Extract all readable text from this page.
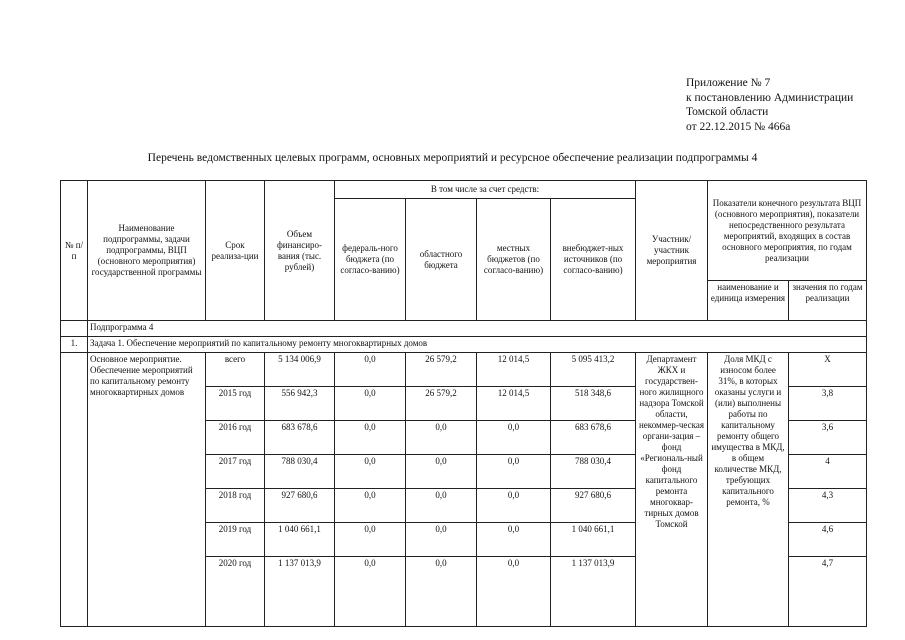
Приложение № 7
к постановлению Администрации
Томской области
от 22.12.2015 № 466а
Перечень ведомственных целевых программ, основных мероприятий и ресурсное обеспечение реализации подпрограммы 4
№ п/п	Наименование подпрограммы, задачи подпрограммы, ВЦП (основного мероприятия) государственной программы	Срок реализа-ции	Объем финансиро-вания (тыс. рублей)	В том числе за счет средств:				Участник/ участник мероприятия	Показатели конечного результата ВЦП (основного мероприятия), показатели непосредственного результата мероприятий, входящих в состав основного мероприятия, по годам реализации	
				федераль-ного бюджета (по согласо-ванию)	областного бюджета	местных бюджетов (по согласо-ванию)	внебюджет-ных источников (по согласо-ванию)			
									наименование и единица измерения	значения по годам реализации
	Подпрограмма 4									
1.	Задача 1. Обеспечение мероприятий по капитальному ремонту многоквартирных домов									
	Основное мероприятие. Обеспечение мероприятий по капитальному ремонту многоквартирных домов	всего	5 134 006,9	0,0	26 579,2	12 014,5	5 095 413,2	Департамент ЖКХ и государствен-ного жилищного надзора Томской области, некоммер-ческая органи-зация – фонд «Региональ-ный фонд капитального ремонта многоквар-тирных домов Томской	Доля МКД с износом более 31%, в которых оказаны услуги и (или) выполнены работы по капитальному ремонту общего имущества в МКД, в общем количестве МКД, требующих капитального ремонта, %	Х
		2015 год	556 942,3	0,0	26 579,2	12 014,5	518 348,6			3,8
		2016 год	683 678,6	0,0	0,0	0,0	683 678,6			3,6
		2017 год	788 030,4	0,0	0,0	0,0	788 030,4			4
		2018 год	927 680,6	0,0	0,0	0,0	927 680,6			4,3
		2019 год	1 040 661,1	0,0	0,0	0,0	1 040 661,1			4,6
		2020 год	1 137 013,9	0,0	0,0	0,0	1 137 013,9			4,7
